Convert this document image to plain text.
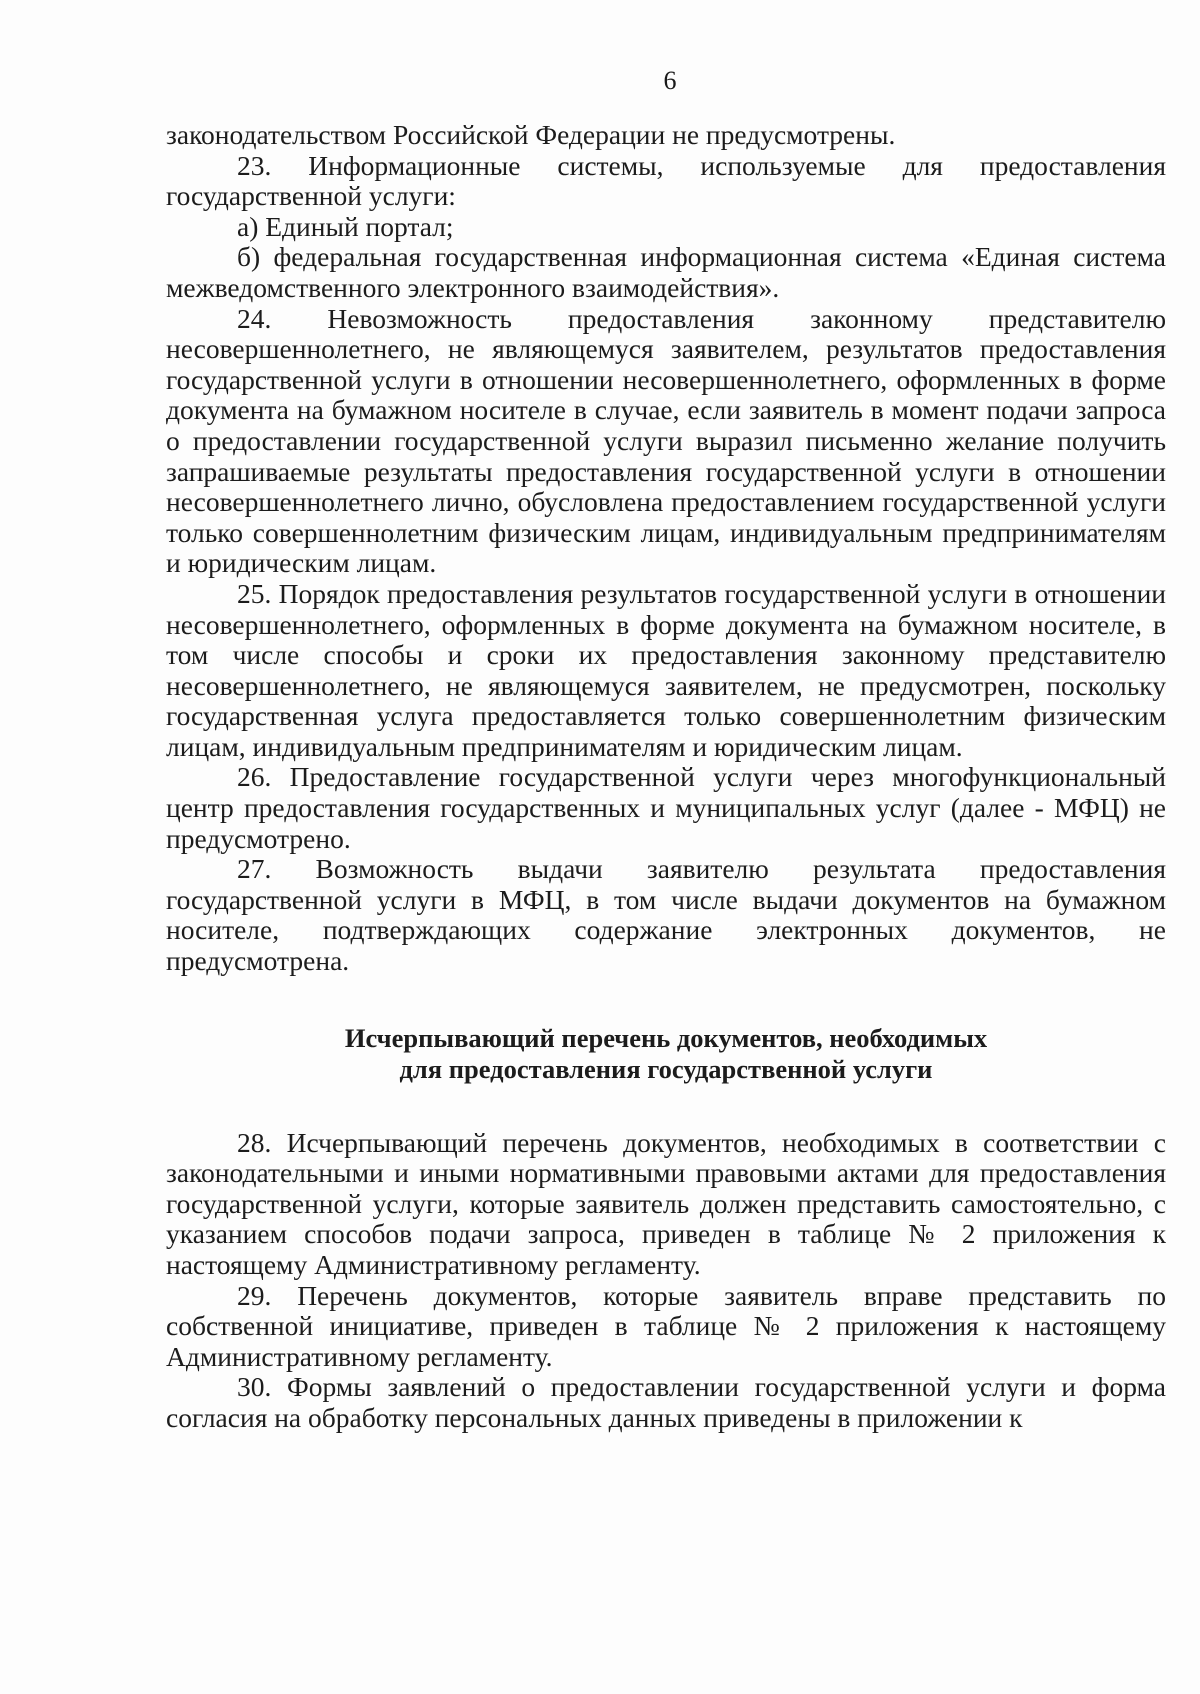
6

законодательством Российской Федерации не предусмотрены.

23. Информационные системы, используемые для предоставления государственной услуги:

а) Единый портал;

б) федеральная государственная информационная система «Единая система межведомственного электронного взаимодействия».

24. Невозможность предоставления законному представителю несовершеннолетнего, не являющемуся заявителем, результатов предоставления государственной услуги в отношении несовершеннолетнего, оформленных в форме документа на бумажном носителе в случае, если заявитель в момент подачи запроса о предоставлении государственной услуги выразил письменно желание получить запрашиваемые результаты предоставления государственной услуги в отношении несовершеннолетнего лично, обусловлена предоставлением государственной услуги только совершеннолетним физическим лицам, индивидуальным предпринимателям и юридическим лицам.

25. Порядок предоставления результатов государственной услуги в отношении несовершеннолетнего, оформленных в форме документа на бумажном носителе, в том числе способы и сроки их предоставления законному представителю несовершеннолетнего, не являющемуся заявителем, не предусмотрен, поскольку государственная услуга предоставляется только совершеннолетним физическим лицам, индивидуальным предпринимателям и юридическим лицам.

26. Предоставление государственной услуги через многофункциональный центр предоставления государственных и муниципальных услуг (далее - МФЦ) не предусмотрено.

27. Возможность выдачи заявителю результата предоставления государственной услуги в МФЦ, в том числе выдачи документов на бумажном носителе, подтверждающих содержание электронных документов, не предусмотрена.

Исчерпывающий перечень документов, необходимых
для предоставления государственной услуги

28. Исчерпывающий перечень документов, необходимых в соответствии с законодательными и иными нормативными правовыми актами для предоставления государственной услуги, которые заявитель должен представить самостоятельно, с указанием способов подачи запроса, приведен в таблице № 2 приложения к настоящему Административному регламенту.

29. Перечень документов, которые заявитель вправе представить по собственной инициативе, приведен в таблице № 2 приложения к настоящему Административному регламенту.

30. Формы заявлений о предоставлении государственной услуги и форма согласия на обработку персональных данных приведены в приложении к
